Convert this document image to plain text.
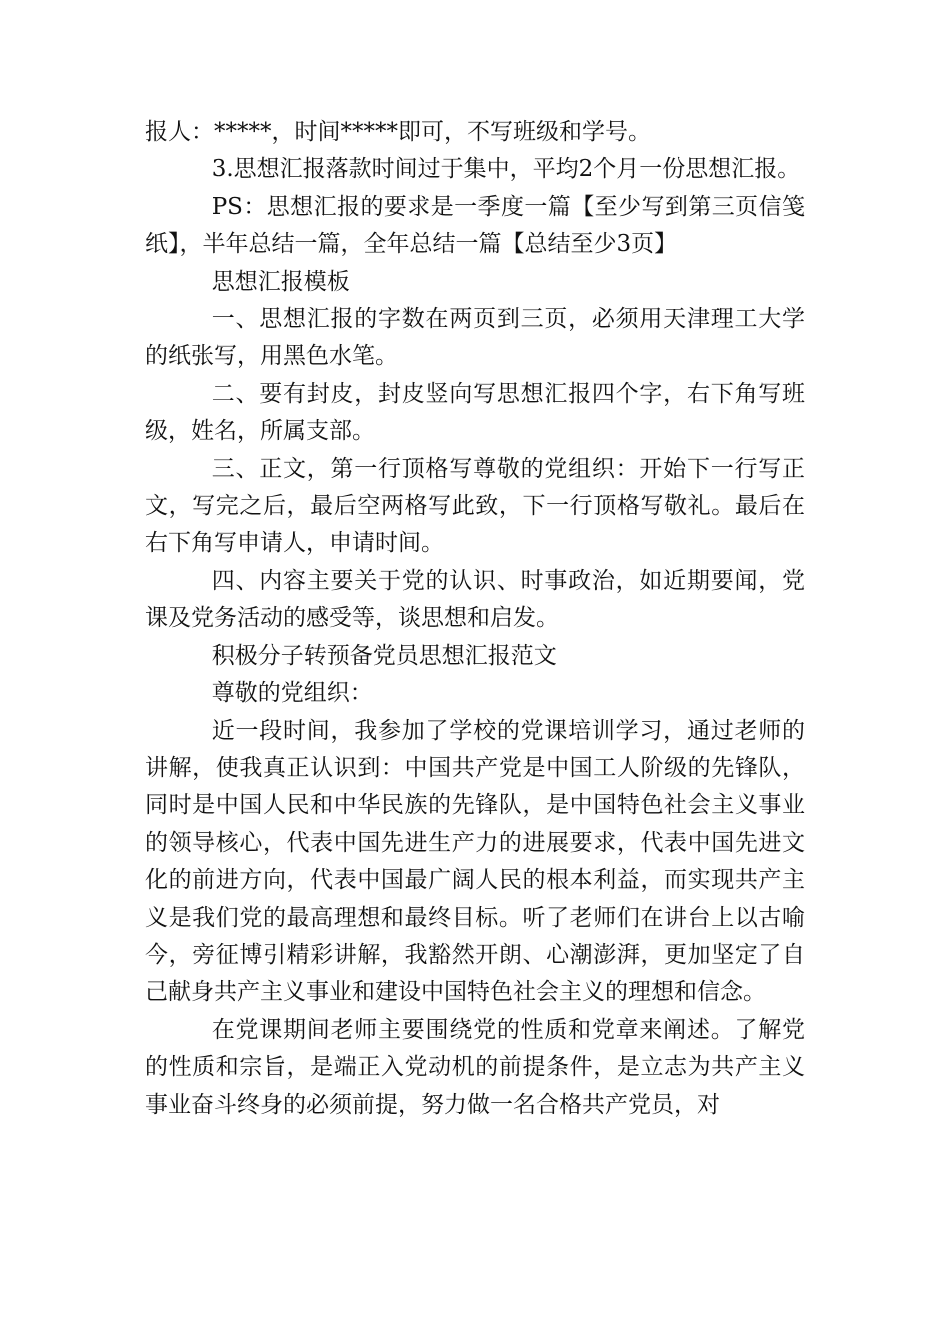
报人：*****，时间*****即可，不写班级和学号。

3.思想汇报落款时间过于集中，平均2个月一份思想汇报。

PS：思想汇报的要求是一季度一篇【至少写到第三页信笺纸】，半年总结一篇，全年总结一篇【总结至少3页】

思想汇报模板

一、思想汇报的字数在两页到三页，必须用天津理工大学的纸张写，用黑色水笔。

二、要有封皮，封皮竖向写思想汇报四个字，右下角写班级，姓名，所属支部。

三、正文，第一行顶格写尊敬的党组织：开始下一行写正文，写完之后，最后空两格写此致，下一行顶格写敬礼。最后在右下角写申请人，申请时间。

四、内容主要关于党的认识、时事政治，如近期要闻，党课及党务活动的感受等，谈思想和启发。

积极分子转预备党员思想汇报范文

尊敬的党组织：

近一段时间，我参加了学校的党课培训学习，通过老师的讲解，使我真正认识到：中国共产党是中国工人阶级的先锋队，同时是中国人民和中华民族的先锋队，是中国特色社会主义事业的领导核心，代表中国先进生产力的进展要求，代表中国先进文化的前进方向，代表中国最广阔人民的根本利益，而实现共产主义是我们党的最高理想和最终目标。听了老师们在讲台上以古喻今，旁征博引精彩讲解，我豁然开朗、心潮澎湃，更加坚定了自己献身共产主义事业和建设中国特色社会主义的理想和信念。

在党课期间老师主要围绕党的性质和党章来阐述。了解党的性质和宗旨，是端正入党动机的前提条件，是立志为共产主义事业奋斗终身的必须前提，努力做一名合格共产党员，对
